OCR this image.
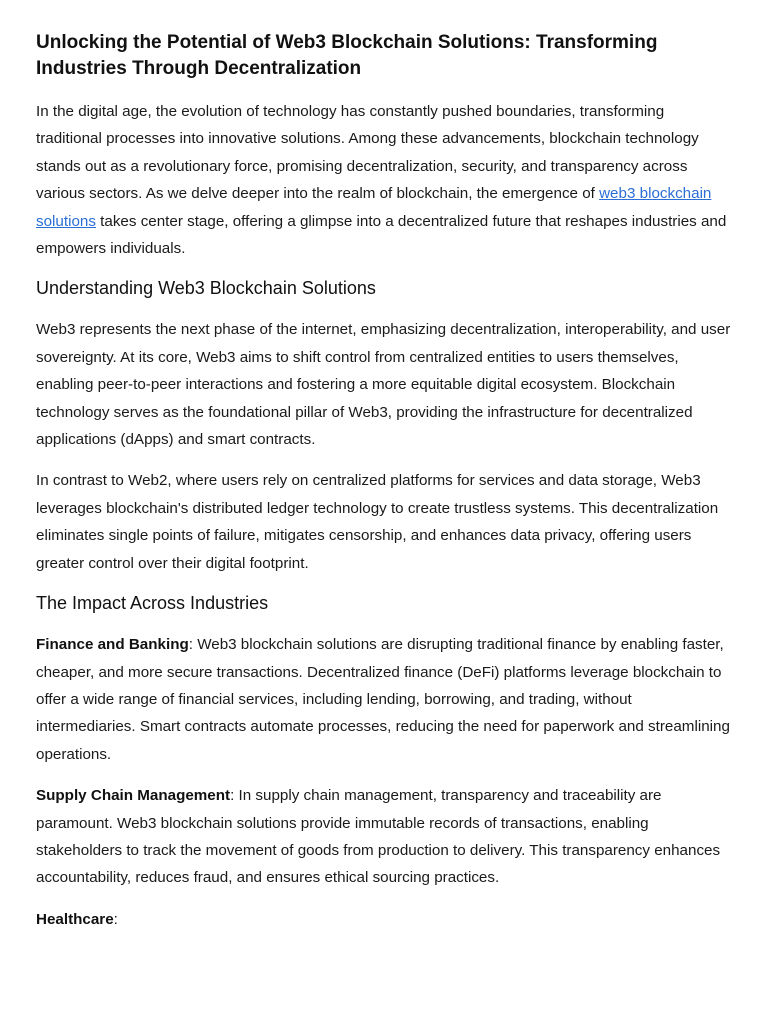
Unlocking the Potential of Web3 Blockchain Solutions: Transforming Industries Through Decentralization

In the digital age, the evolution of technology has constantly pushed boundaries, transforming traditional processes into innovative solutions. Among these advancements, blockchain technology stands out as a revolutionary force, promising decentralization, security, and transparency across various sectors. As we delve deeper into the realm of blockchain, the emergence of web3 blockchain solutions takes center stage, offering a glimpse into a decentralized future that reshapes industries and empowers individuals.

Understanding Web3 Blockchain Solutions

Web3 represents the next phase of the internet, emphasizing decentralization, interoperability, and user sovereignty. At its core, Web3 aims to shift control from centralized entities to users themselves, enabling peer-to-peer interactions and fostering a more equitable digital ecosystem. Blockchain technology serves as the foundational pillar of Web3, providing the infrastructure for decentralized applications (dApps) and smart contracts.

In contrast to Web2, where users rely on centralized platforms for services and data storage, Web3 leverages blockchain's distributed ledger technology to create trustless systems. This decentralization eliminates single points of failure, mitigates censorship, and enhances data privacy, offering users greater control over their digital footprint.

The Impact Across Industries

Finance and Banking: Web3 blockchain solutions are disrupting traditional finance by enabling faster, cheaper, and more secure transactions. Decentralized finance (DeFi) platforms leverage blockchain to offer a wide range of financial services, including lending, borrowing, and trading, without intermediaries. Smart contracts automate processes, reducing the need for paperwork and streamlining operations.

Supply Chain Management: In supply chain management, transparency and traceability are paramount. Web3 blockchain solutions provide immutable records of transactions, enabling stakeholders to track the movement of goods from production to delivery. This transparency enhances accountability, reduces fraud, and ensures ethical sourcing practices.

Healthcare:
